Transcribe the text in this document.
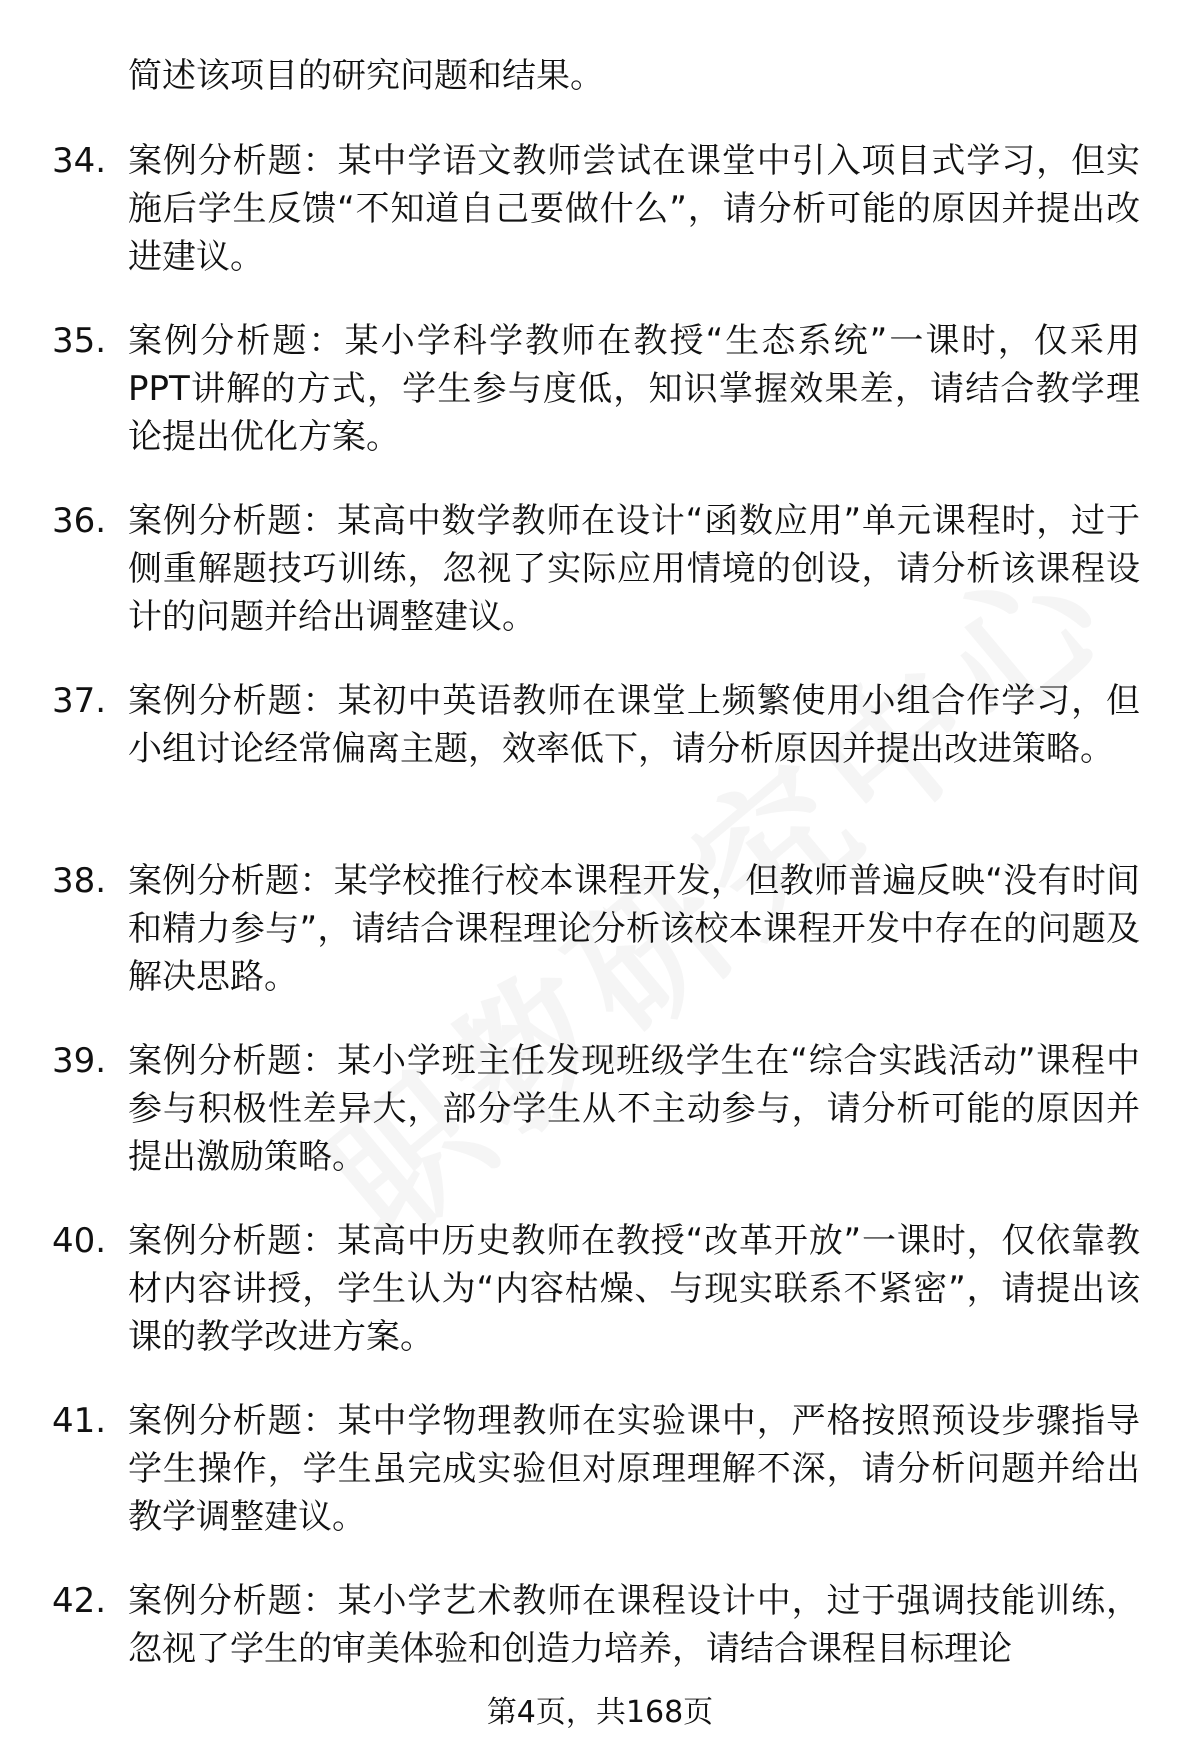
简述该项目的研究问题和结果。

34. 案例分析题：某中学语文教师尝试在课堂中引入项目式学习，但实施后学生反馈“不知道自己要做什么”，请分析可能的原因并提出改进建议。

35. 案例分析题：某小学科学教师在教授“生态系统”一课时，仅采用PPT讲解的方式，学生参与度低，知识掌握效果差，请结合教学理论提出优化方案。

36. 案例分析题：某高中数学教师在设计“函数应用”单元课程时，过于侧重解题技巧训练，忽视了实际应用情境的创设，请分析该课程设计的问题并给出调整建议。

37. 案例分析题：某初中英语教师在课堂上频繁使用小组合作学习，但小组讨论经常偏离主题，效率低下，请分析原因并提出改进策略。

38. 案例分析题：某学校推行校本课程开发，但教师普遍反映“没有时间和精力参与”，请结合课程理论分析该校本课程开发中存在的问题及解决思路。

39. 案例分析题：某小学班主任发现班级学生在“综合实践活动”课程中参与积极性差异大，部分学生从不主动参与，请分析可能的原因并提出激励策略。

40. 案例分析题：某高中历史教师在教授“改革开放”一课时，仅依靠教材内容讲授，学生认为“内容枯燥、与现实联系不紧密”，请提出该课的教学改进方案。

41. 案例分析题：某中学物理教师在实验课中，严格按照预设步骤指导学生操作，学生虽完成实验但对原理理解不深，请分析问题并给出教学调整建议。

42. 案例分析题：某小学艺术教师在课程设计中，过于强调技能训练，忽视了学生的审美体验和创造力培养，请结合课程目标理论

第4页，共168页
